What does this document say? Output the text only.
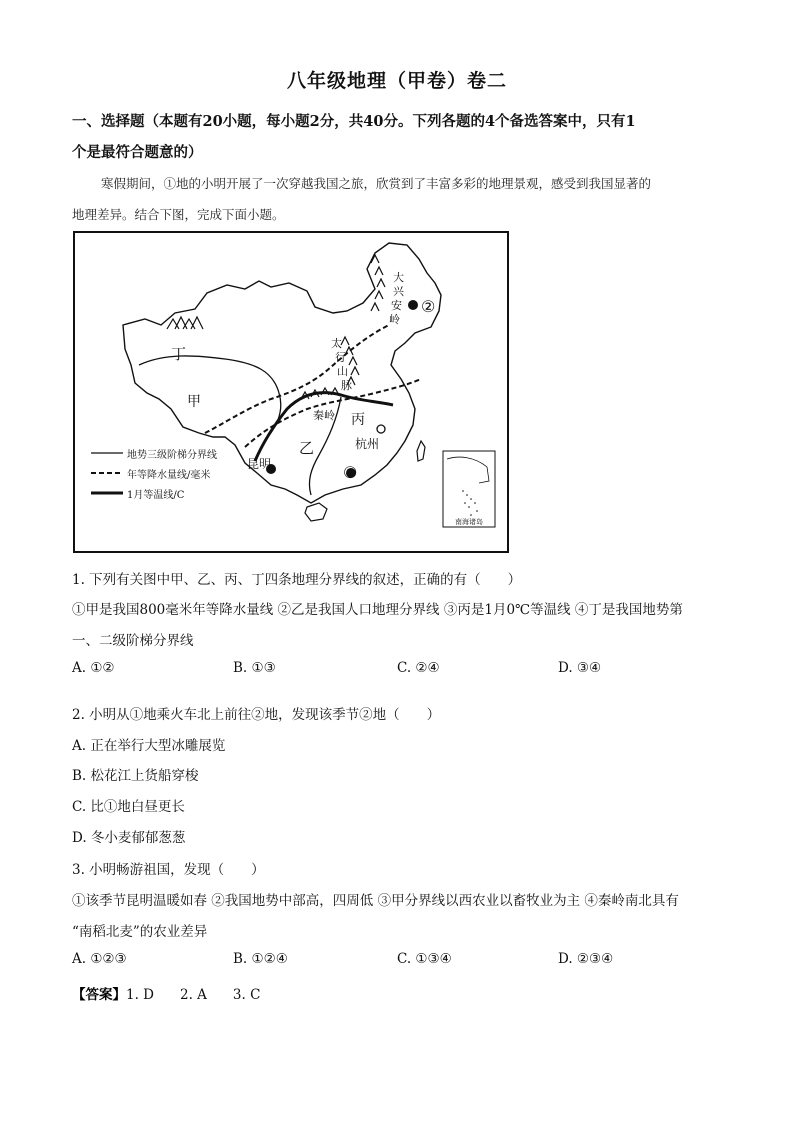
八年级地理（甲卷）卷二
一、选择题（本题有20小题，每小题2分，共40分。下列各题的4个备选答案中，只有1
个是最符合题意的）
寒假期间，①地的小明开展了一次穿越我国之旅，欣赏到了丰富多彩的地理景观，感受到我国显著的
地理差异。结合下图，完成下面小题。
丁
甲
乙
丙
昆明
杭州
秦岭
太
行
山
脉
大
兴
安
岭
②
①
南海诸岛
地势三级阶梯分界线
年等降水量线/毫米
1月等温线/C
1. 下列有关图中甲、乙、丙、丁四条地理分界线的叙述，正确的有（　　）
①甲是我国800毫米年等降水量线 ②乙是我国人口地理分界线 ③丙是1月0℃等温线 ④丁是我国地势第
一、二级阶梯分界线
A. ①②	B. ①③	C. ②④	D. ③④
2. 小明从①地乘火车北上前往②地，发现该季节②地（　　）
A. 正在举行大型冰雕展览
B. 松花江上货船穿梭
C. 比①地白昼更长
D. 冬小麦郁郁葱葱
3. 小明畅游祖国，发现（　　）
①该季节昆明温暖如春 ②我国地势中部高，四周低 ③甲分界线以西农业以畜牧业为主 ④秦岭南北具有
“南稻北麦”的农业差异
A. ①②③	B. ①②④	C. ①③④	D. ②③④
【答案】1. D 2. A 3. C
